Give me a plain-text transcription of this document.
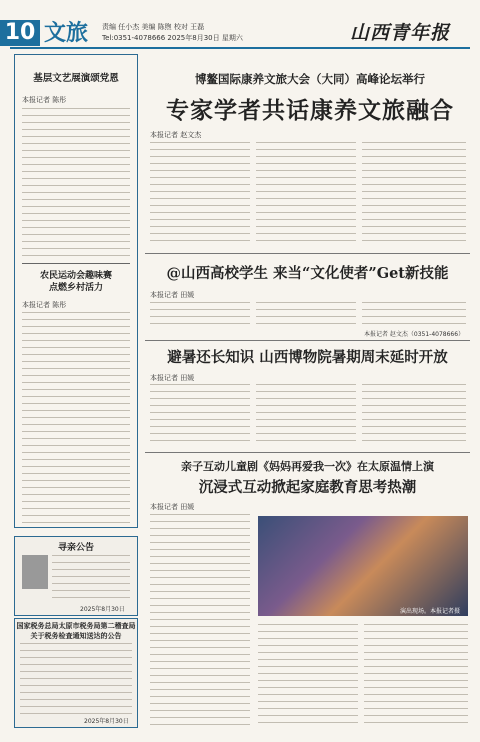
10 文旅 责编 任小杰 美编 陈煦 校对 王磊
Tel:0351-4078666 2025年8月30日 星期六	山西青年报
基层文艺展演颂党恩
本报记者 陈彤
农民运动会趣味赛
点燃乡村活力
本报记者 陈彤
寻亲公告
2025年8月30日
国家税务总局太原市税务局第二稽查局
关于税务检查通知送达的公告
2025年8月30日
博鳌国际康养文旅大会（大同）高峰论坛举行
专家学者共话康养文旅融合
本报记者 赵文杰
@山西高校学生 来当“文化使者”Get新技能
本报记者 田媛
本报记者 赵文杰（0351-4078666）
避暑还长知识 山西博物院暑期周末延时开放
本报记者 田媛
亲子互动儿童剧《妈妈再爱我一次》在太原温情上演
沉浸式互动掀起家庭教育思考热潮
本报记者 田媛
演出现场。本报记者摄
